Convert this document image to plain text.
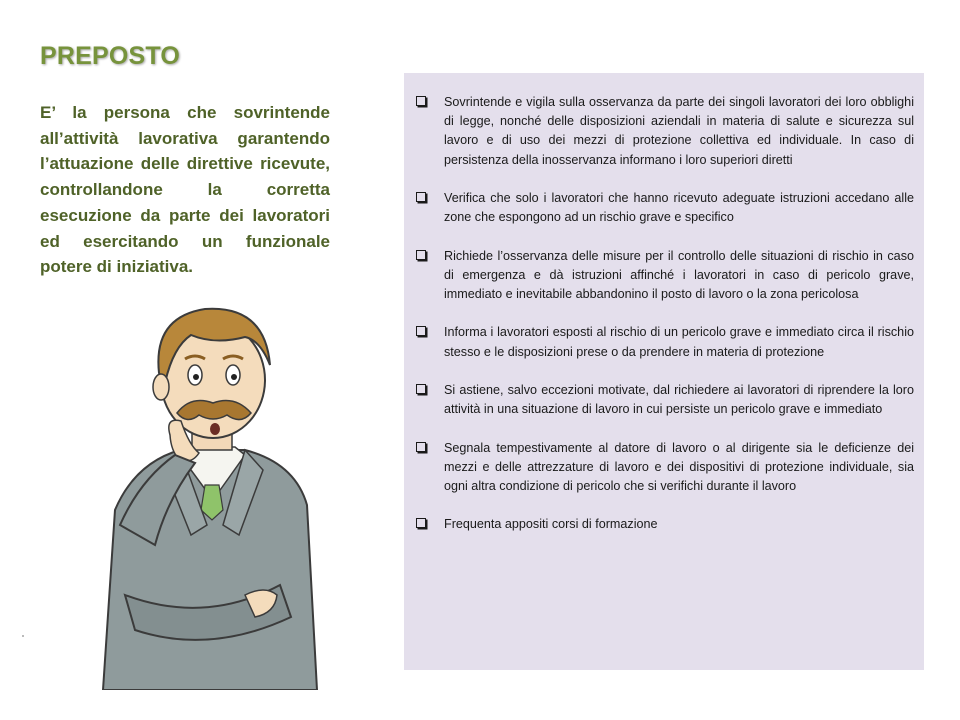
PREPOSTO

E’ la persona che sovrintende all’attività lavorativa garantendo l’attuazione delle direttive ricevute, controllandone la corretta esecuzione da parte dei lavoratori ed esercitando un funzionale potere di iniziativa.

Sovrintende e vigila sulla osservanza da parte dei singoli lavoratori dei loro obblighi di legge, nonché delle disposizioni aziendali in materia di salute e sicurezza sul lavoro e di uso dei mezzi di protezione collettiva ed individuale. In caso di persistenza della inosservanza informano i loro superiori diretti
Verifica che solo i lavoratori che hanno ricevuto adeguate istruzioni accedano alle zone che espongono ad un rischio grave e specifico
Richiede l’osservanza delle misure per il controllo delle situazioni di rischio in caso di emergenza e dà istruzioni affinché i lavoratori in caso di pericolo grave, immediato e inevitabile abbandonino il posto di lavoro o la zona pericolosa
Informa i lavoratori esposti al rischio di un pericolo grave e immediato circa il rischio stesso e le disposizioni prese o da prendere in materia di protezione
Si astiene, salvo eccezioni motivate, dal richiedere ai lavoratori di riprendere la loro attività in una situazione di lavoro in cui persiste un pericolo grave e immediato
Segnala tempestivamente al datore di lavoro o al dirigente sia le deficienze dei mezzi e delle attrezzature di lavoro e dei dispositivi di protezione individuale, sia ogni altra condizione di pericolo che si verifichi durante il lavoro
Frequenta appositi corsi di formazione
